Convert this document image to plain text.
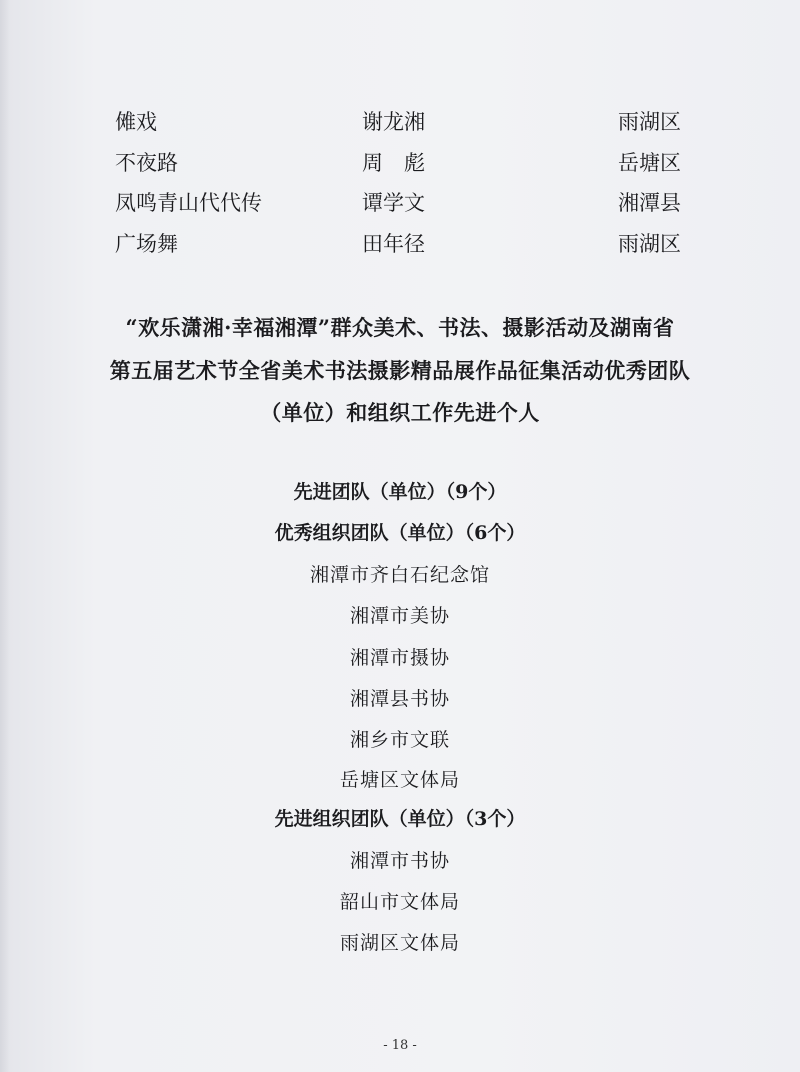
傩戏	谢龙湘	雨湖区
不夜路	周　彪	岳塘区
凤鸣青山代代传	谭学文	湘潭县
广场舞	田年径	雨湖区
“欢乐潇湘·幸福湘潭”群众美术、书法、摄影活动及湖南省
第五届艺术节全省美术书法摄影精品展作品征集活动优秀团队
（单位）和组织工作先进个人
先进团队（单位）（9个）
优秀组织团队（单位）（6个）
湘潭市齐白石纪念馆
湘潭市美协
湘潭市摄协
湘潭县书协
湘乡市文联
岳塘区文体局
先进组织团队（单位）（3个）
湘潭市书协
韶山市文体局
雨湖区文体局
- 18 -
